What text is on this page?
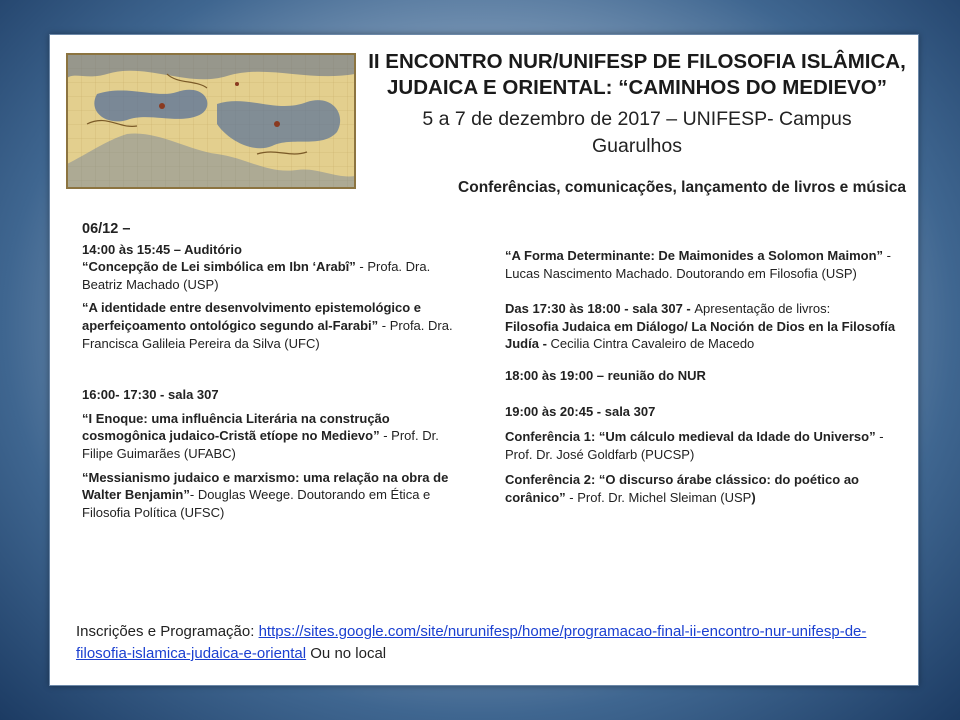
II ENCONTRO NUR/UNIFESP DE FILOSOFIA ISLÂMICA,
JUDAICA E ORIENTAL: “CAMINHOS DO MEDIEVO”
5 a 7 de dezembro de 2017 – UNIFESP- Campus
Guarulhos
Conferências, comunicações, lançamento de livros e música

06/12 –

14:00 às 15:45 – Auditório

“Concepção de Lei simbólica em Ibn ‘Arabî” - Profa. Dra. Beatriz Machado (USP)

“A identidade entre desenvolvimento epistemológico e aperfeiçoamento ontológico segundo al-Farabi” - Profa. Dra. Francisca Galileia Pereira da Silva (UFC)

16:00- 17:30 - sala 307

“I Enoque: uma influência Literária na construção cosmogônica judaico-Cristã etíope no Medievo” - Prof. Dr. Filipe Guimarães (UFABC)

“Messianismo judaico e marxismo: uma relação na obra de Walter Benjamin”- Douglas Weege. Doutorando em Ética e Filosofia Política (UFSC)

“A Forma Determinante: De Maimonides a Solomon Maimon” - Lucas Nascimento Machado. Doutorando em Filosofia (USP)

Das 17:30 às 18:00 - sala 307 - Apresentação de livros:
Filosofia Judaica em Diálogo/ La Noción de Dios en la Filosofía Judía - Cecilia Cintra Cavaleiro de Macedo

18:00 às 19:00 – reunião do NUR

19:00 às 20:45 - sala 307

Conferência 1: “Um cálculo medieval da Idade do Universo” - Prof. Dr. José Goldfarb (PUCSP)

Conferência 2: “O discurso árabe clássico: do poético ao corânico” - Prof. Dr. Michel Sleiman (USP)

Inscrições e Programação: https://sites.google.com/site/nurunifesp/home/programacao-final-ii-encontro-nur-unifesp-de-filosofia-islamica-judaica-e-oriental Ou no local
